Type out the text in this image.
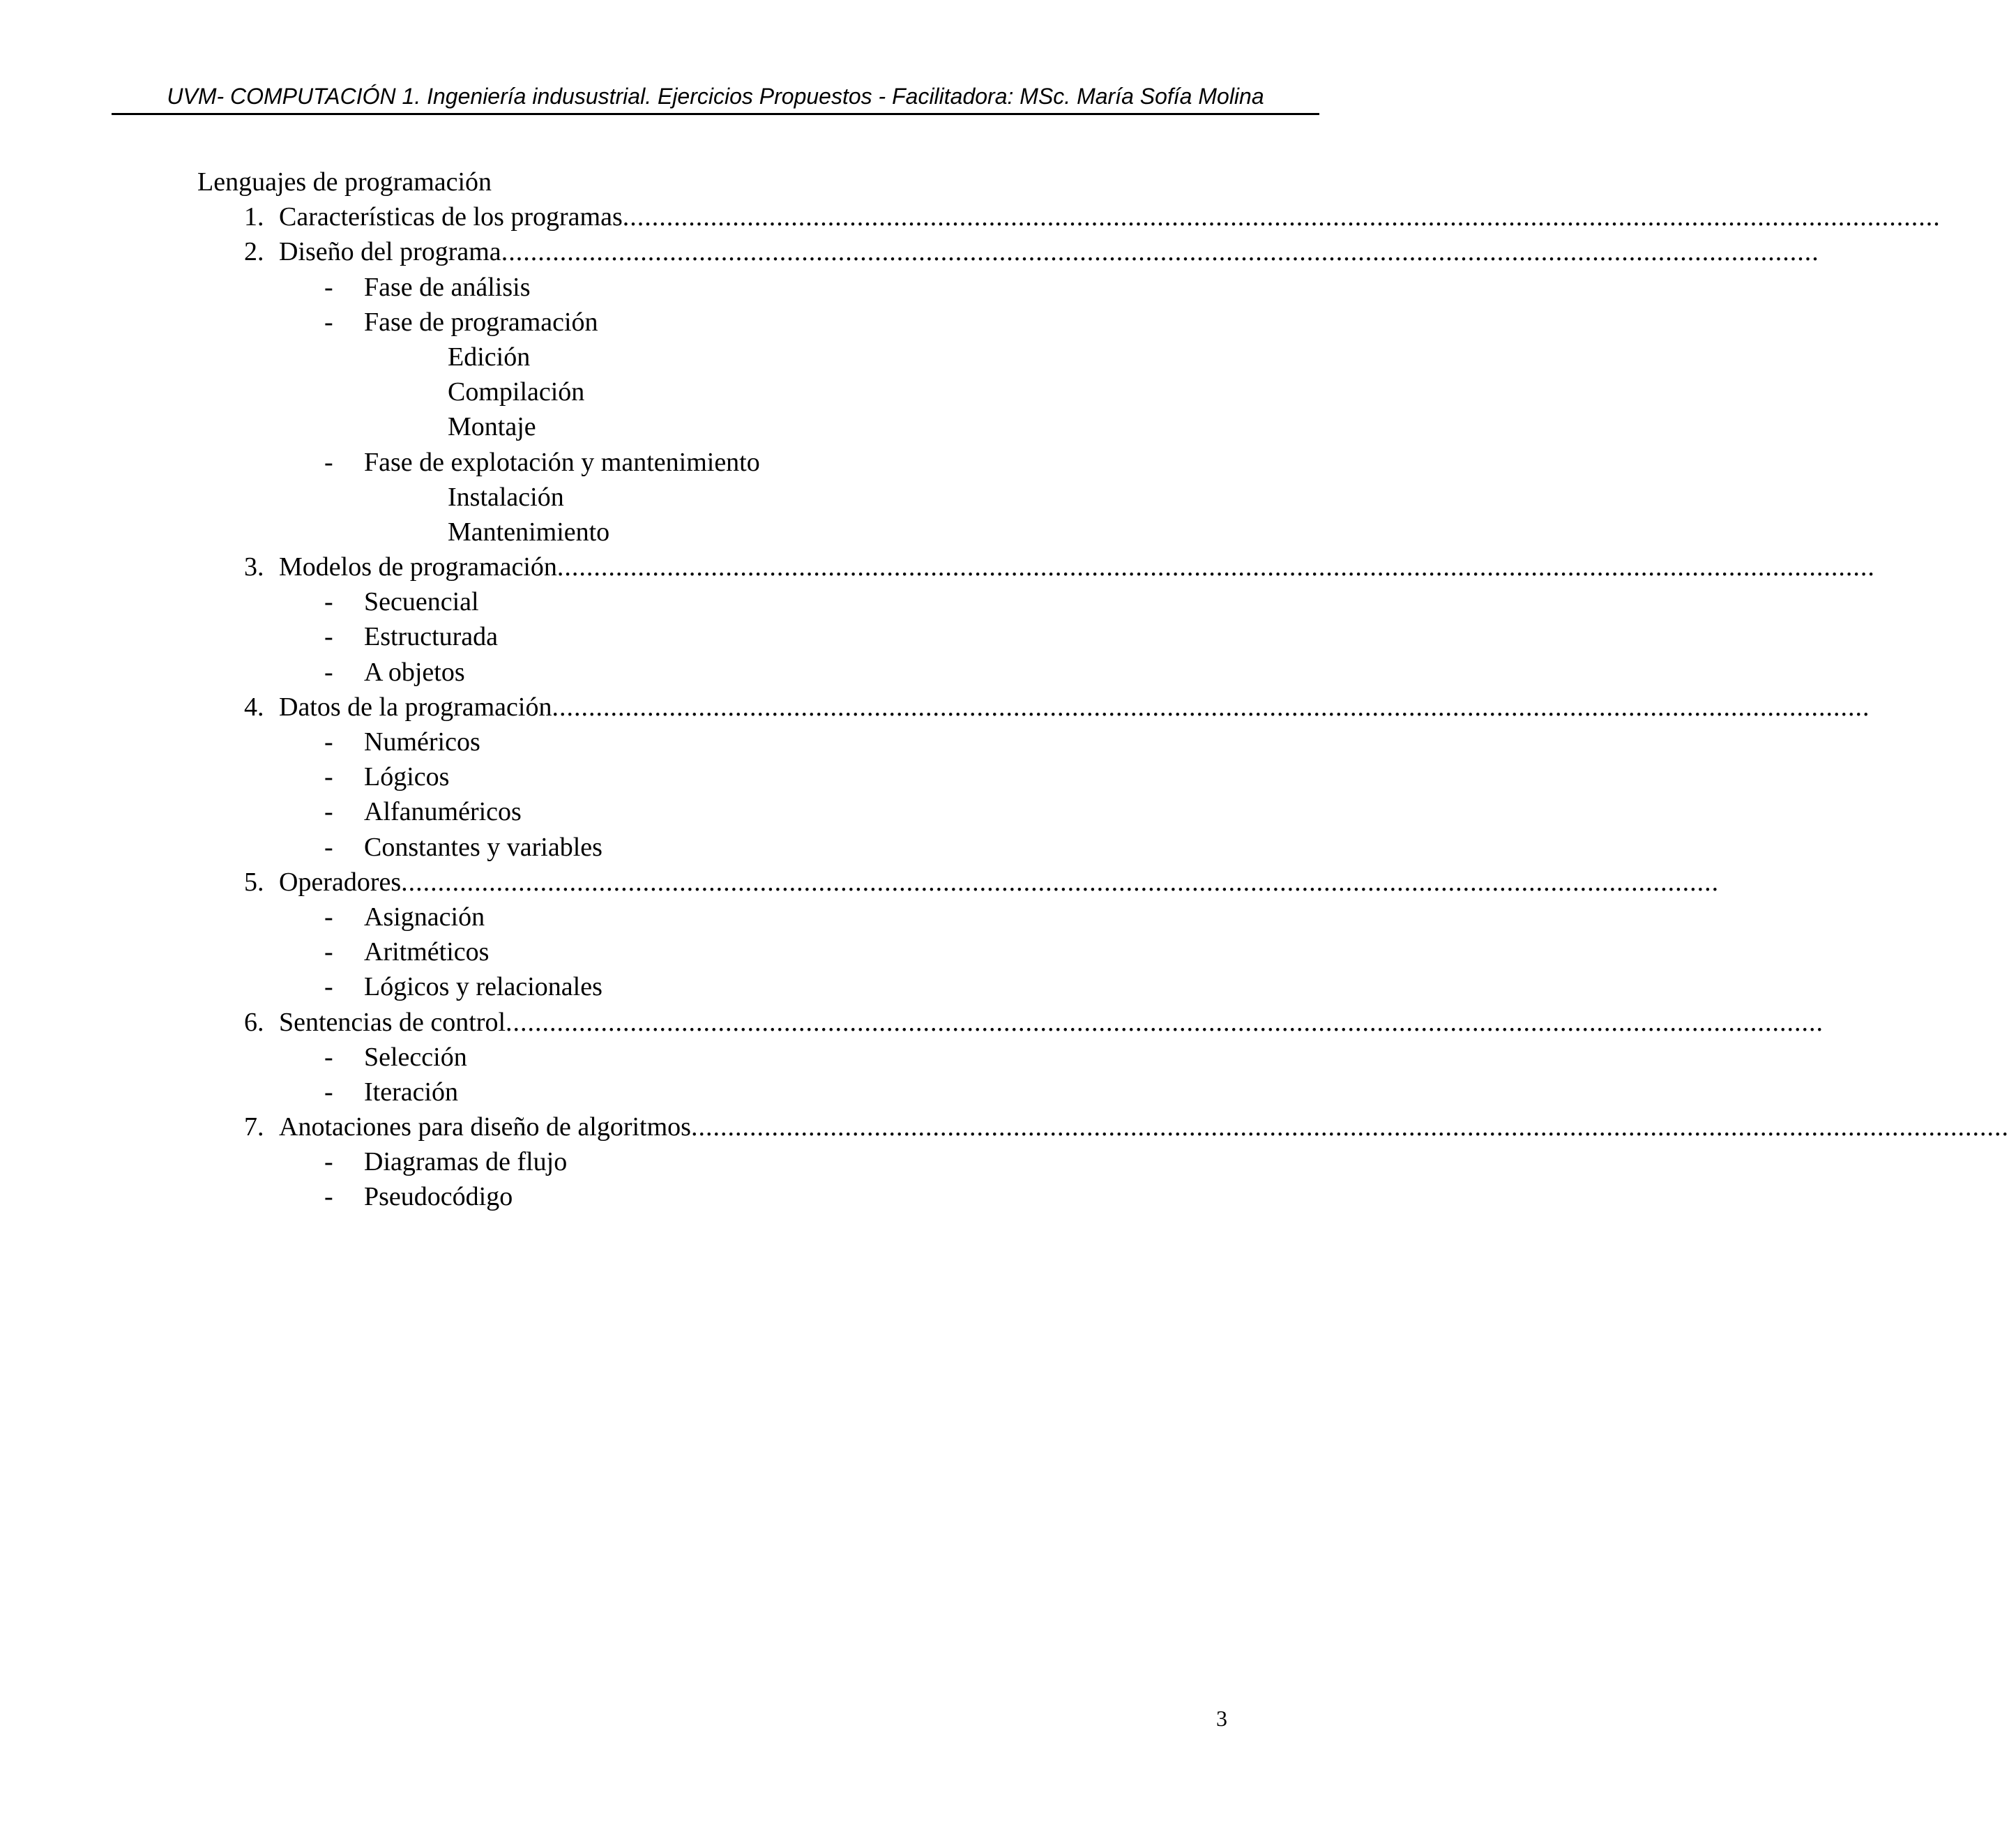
UVM- COMPUTACIÓN 1. Ingeniería indusustrial. Ejercicios Propuestos - Facilitadora: MSc. María Sofía Molina
Lenguajes de programación
1. Características de los programas ....................................................................................................................................................................................
2. Diseño del programa ....................................................................................................................................................................................
- Fase de análisis
- Fase de programación
Edición
Compilación
Montaje
- Fase de explotación y mantenimiento
Instalación
Mantenimiento
3. Modelos de programación ....................................................................................................................................................................................
- Secuencial
- Estructurada
- A objetos
4. Datos de la programación ....................................................................................................................................................................................
- Numéricos
- Lógicos
- Alfanuméricos
- Constantes y variables
5. Operadores ....................................................................................................................................................................................
- Asignación
- Aritméticos
- Lógicos y relacionales
6. Sentencias de control ....................................................................................................................................................................................
- Selección
- Iteración
7. Anotaciones para diseño de algoritmos ....................................................................................................................................................................................
- Diagramas de flujo
- Pseudocódigo
3
